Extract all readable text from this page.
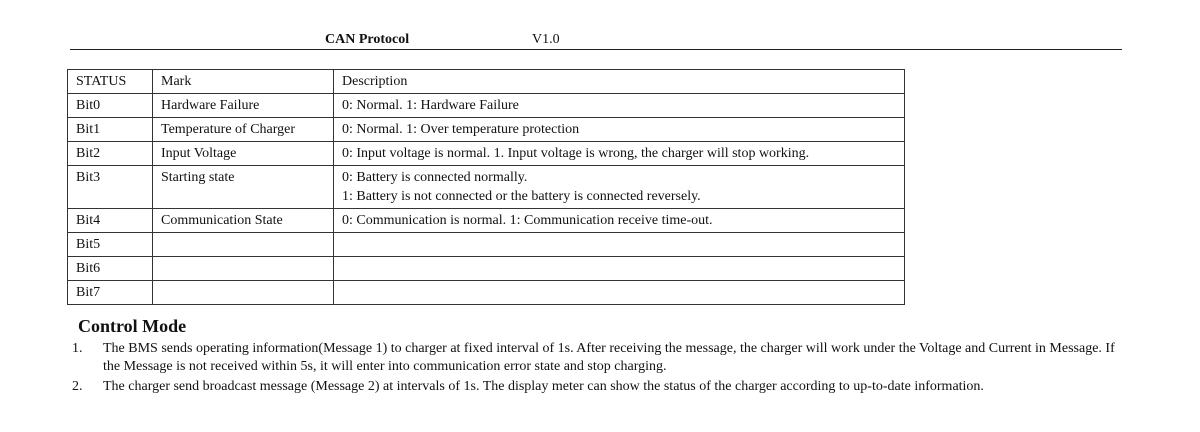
CAN Protocol	V1.0
STATUS	Mark	Description
Bit0	Hardware Failure	0: Normal. 1: Hardware Failure
Bit1	Temperature of Charger	0: Normal. 1: Over temperature protection
Bit2	Input Voltage	0: Input voltage is normal. 1. Input voltage is wrong, the charger will stop working.
Bit3	Starting state	0: Battery is connected normally.
1: Battery is not connected or the battery is connected reversely.

Bit4	Communication State	0: Communication is normal. 1: Communication receive time-out.
Bit5		
Bit6		
Bit7		
Control Mode
1. The BMS sends operating information(Message 1) to charger at fixed interval of 1s. After receiving the message, the charger will work under the Voltage and Current in Message. If the Message is not received within 5s, it will enter into communication error state and stop charging.
2. The charger send broadcast message (Message 2) at intervals of 1s. The display meter can show the status of the charger according to up-to-date information.
